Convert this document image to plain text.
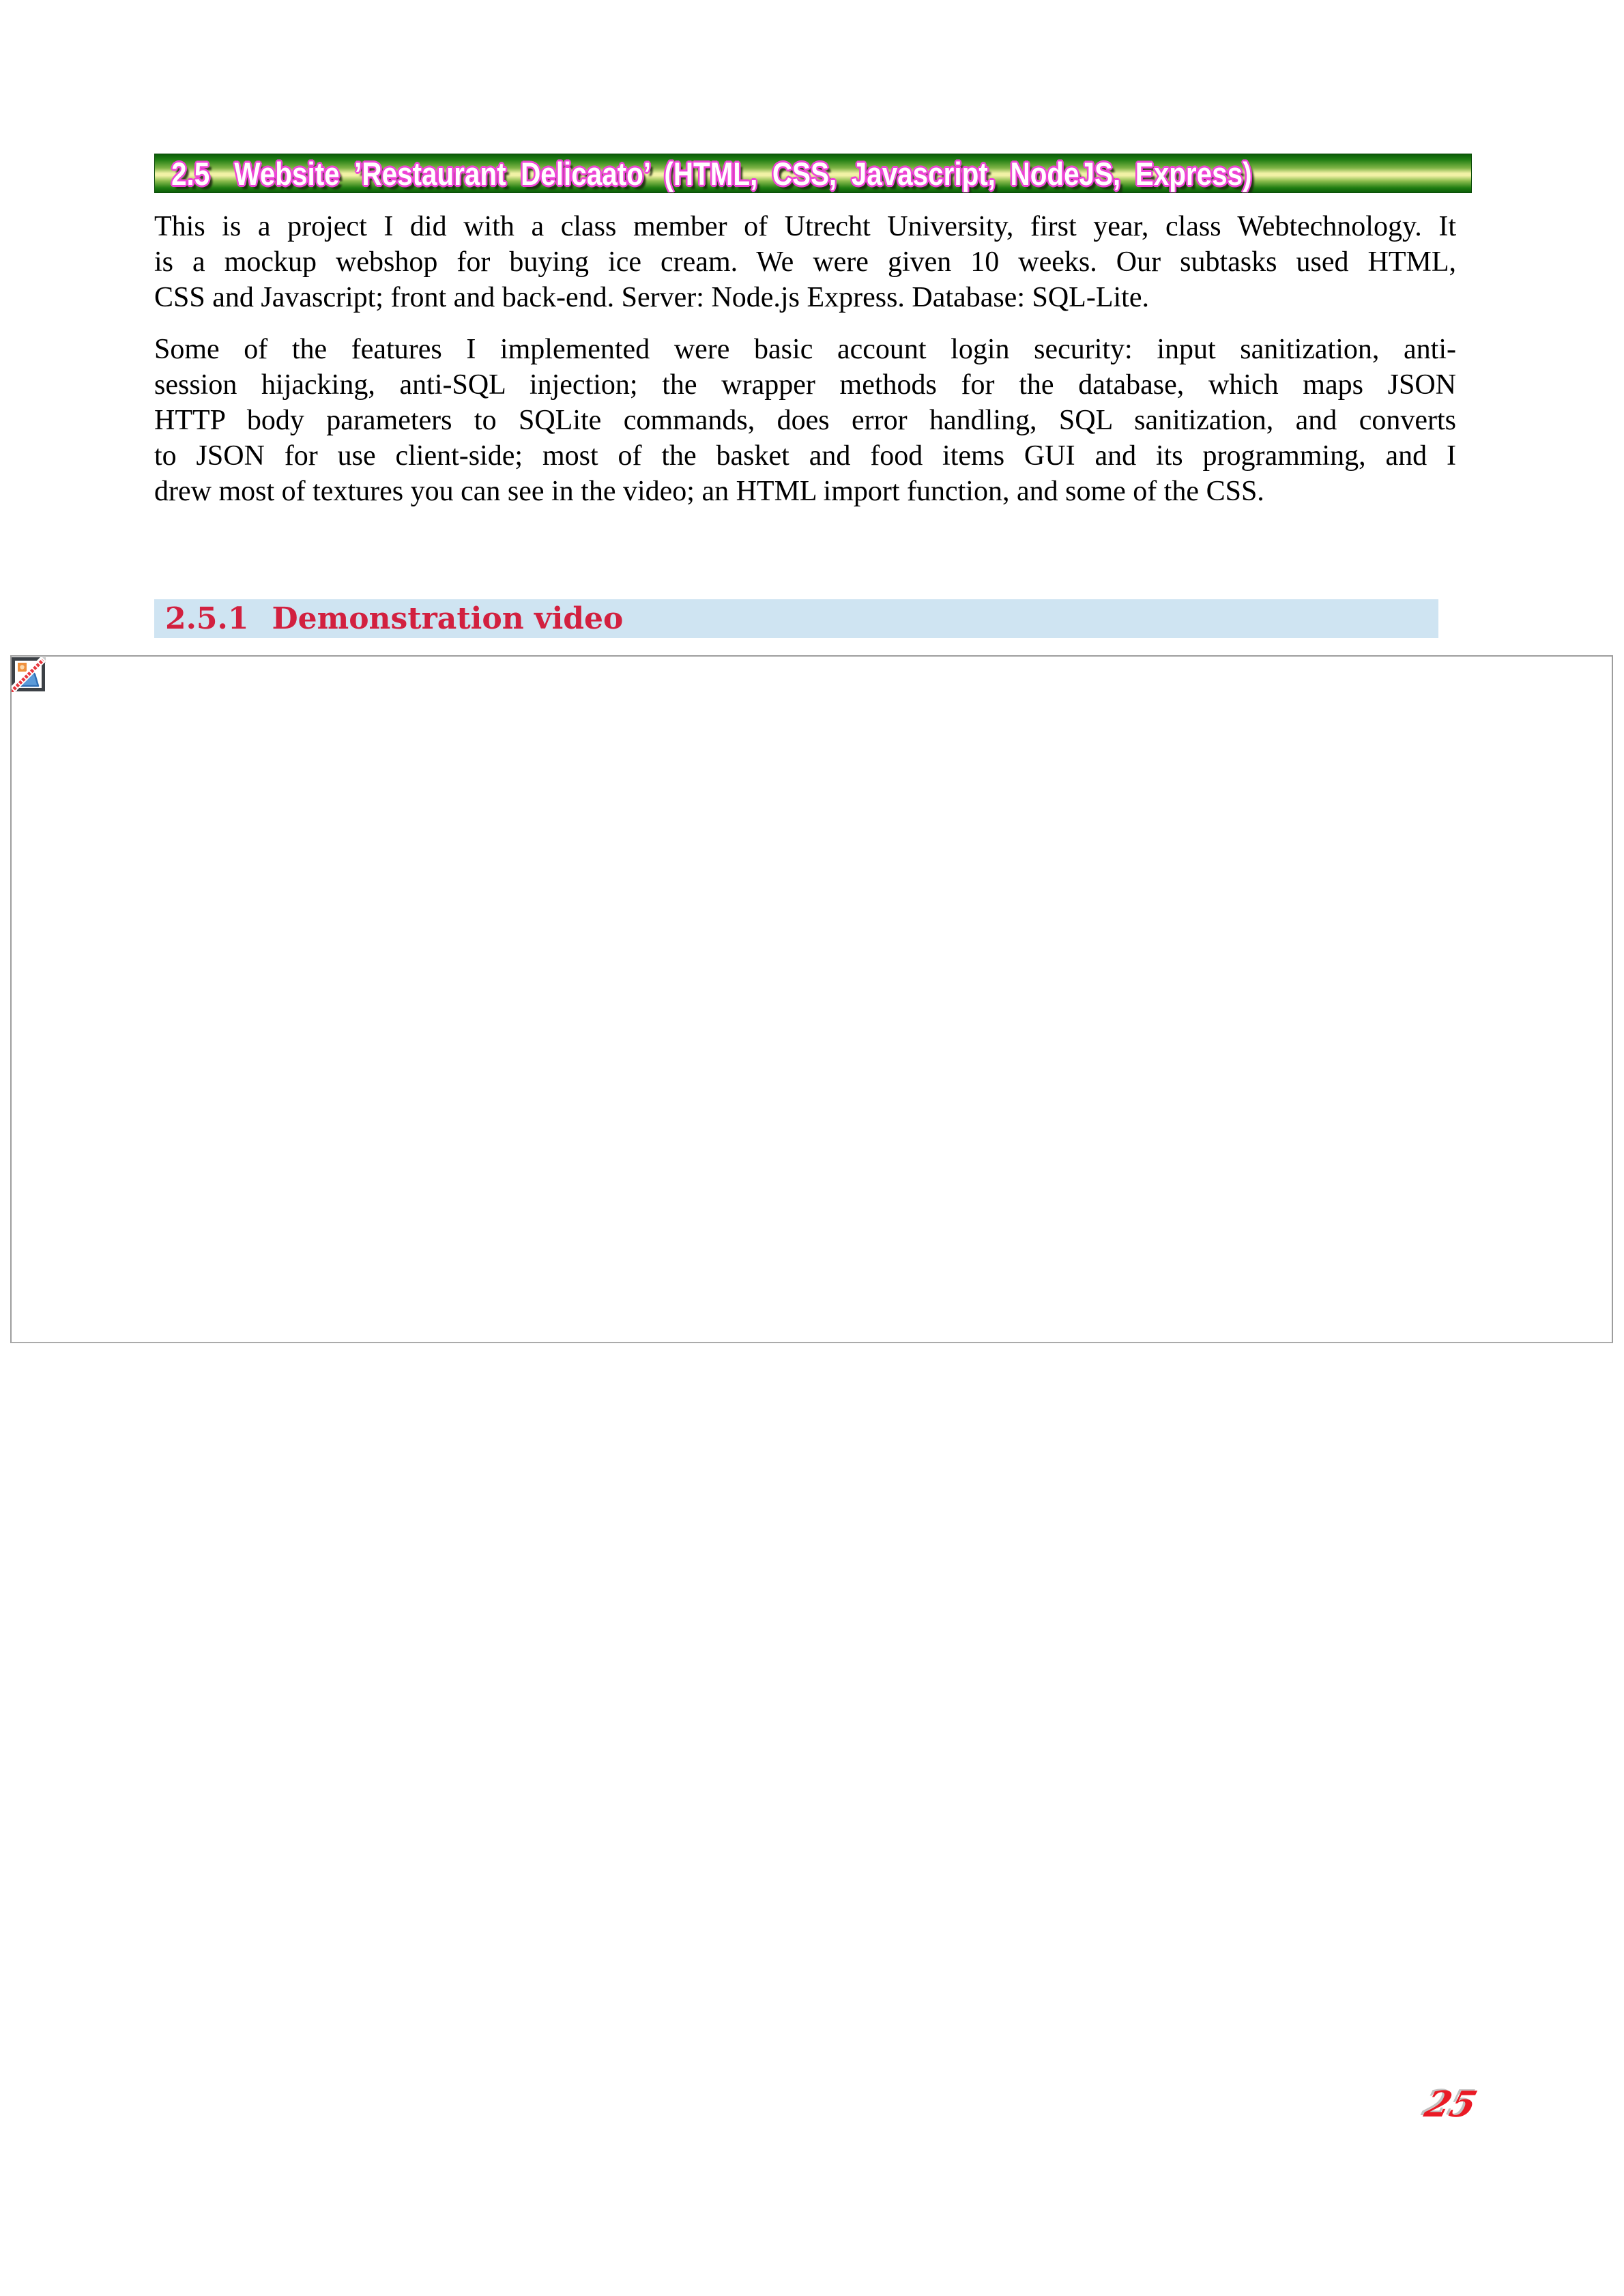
2.5 Website ’Restaurant Delicaato’ (HTML, CSS, Javascript, NodeJS, Express)
This is a project I did with a class member of Utrecht University, first year, class Webtechnology. It
is a mockup webshop for buying ice cream. We were given 10 weeks. Our subtasks used HTML,
CSS and Javascript; front and back-end. Server: Node.js Express. Database: SQL-Lite.
Some of the features I implemented were basic account login security: input sanitization, anti-
session hijacking, anti-SQL injection; the wrapper methods for the database, which maps JSON
HTTP body parameters to SQLite commands, does error handling, SQL sanitization, and converts
to JSON for use client-side; most of the basket and food items GUI and its programming, and I
drew most of textures you can see in the video; an HTML import function, and some of the CSS.
2.5.1 Demonstration video
25
